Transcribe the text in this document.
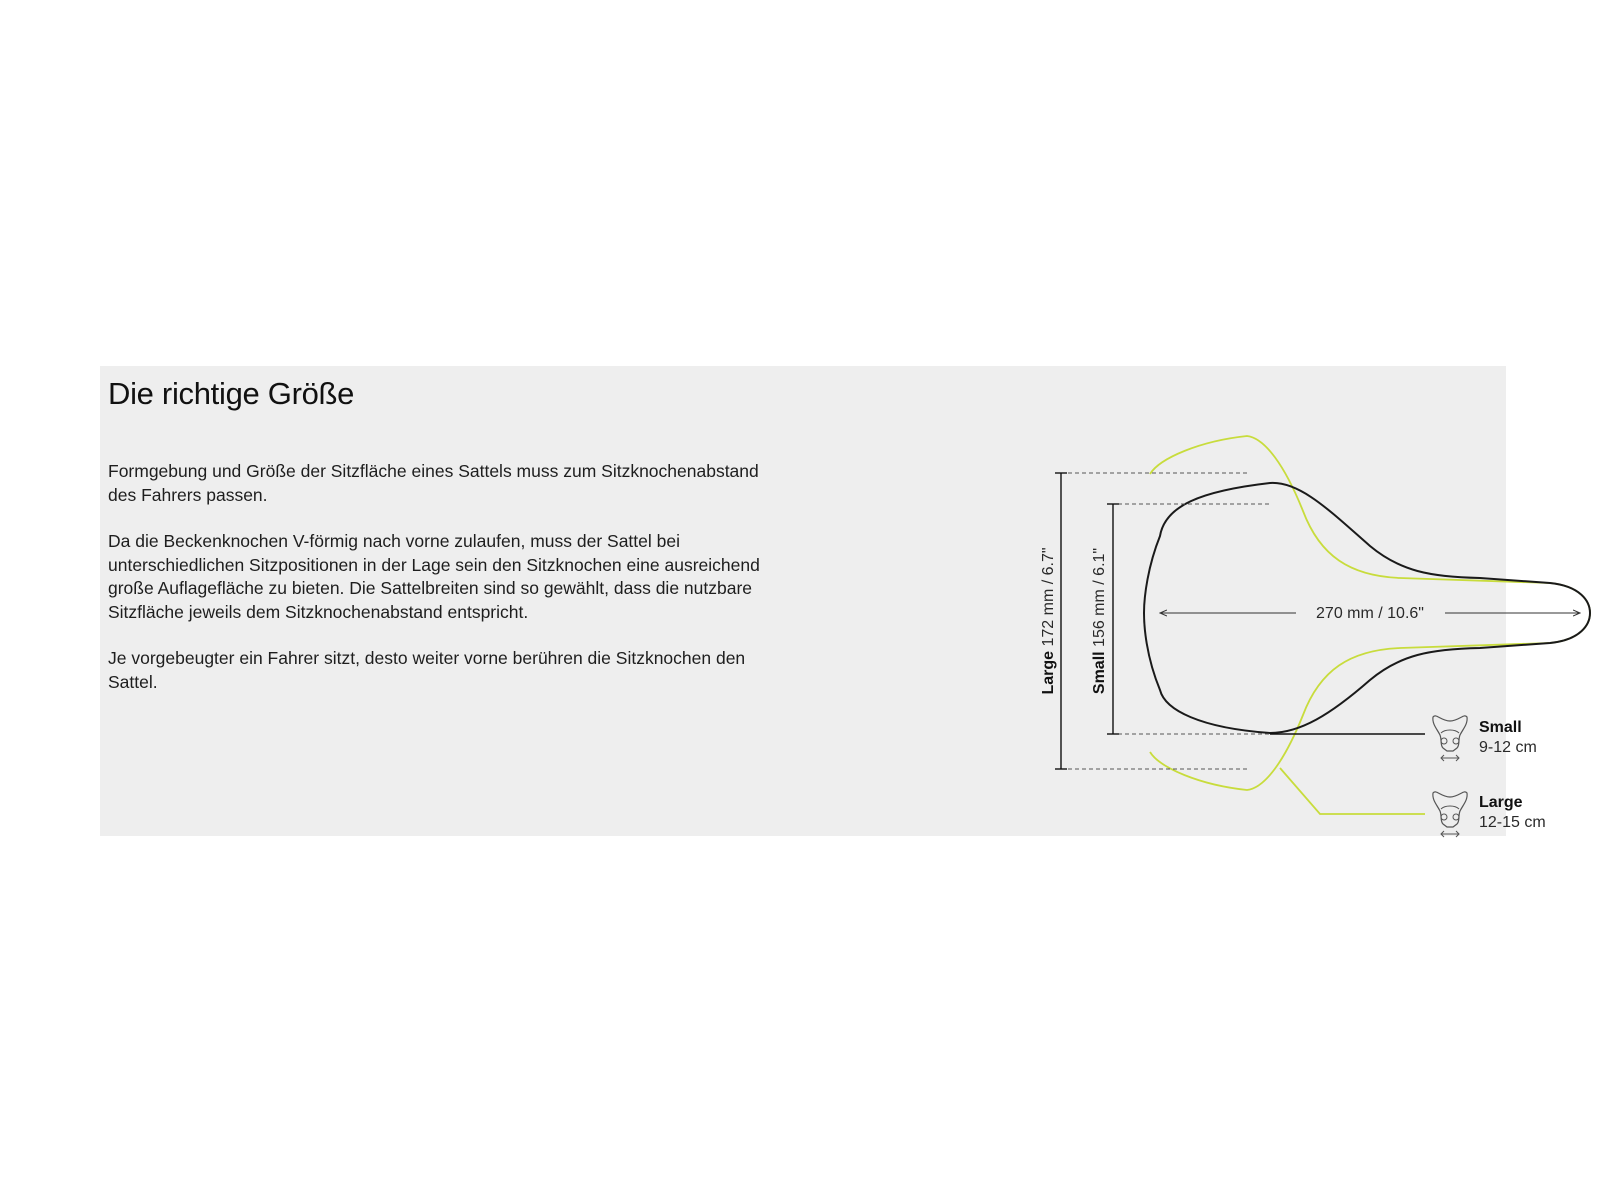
Die richtige Größe

Formgebung und Größe der Sitzfläche eines Sattels muss zum Sitzknochenabstand des Fahrers passen.

Da die Beckenknochen V-förmig nach vorne zulaufen, muss der Sattel bei unterschiedlichen Sitzpositionen in der Lage sein den Sitzknochen eine ausreichend große Auflagefläche zu bieten. Die Sattelbreiten sind so gewählt, dass die nutzbare Sitzfläche jeweils dem Sitzknochenabstand entspricht.

Je vorgebeugter ein Fahrer sitzt, desto weiter vorne berühren die Sitzknochen den Sattel.	Large 172 mm / 6.7"
Small 156 mm / 6.1"	270 mm / 10.6"
Small
9-12 cm
Large
12-15 cm
